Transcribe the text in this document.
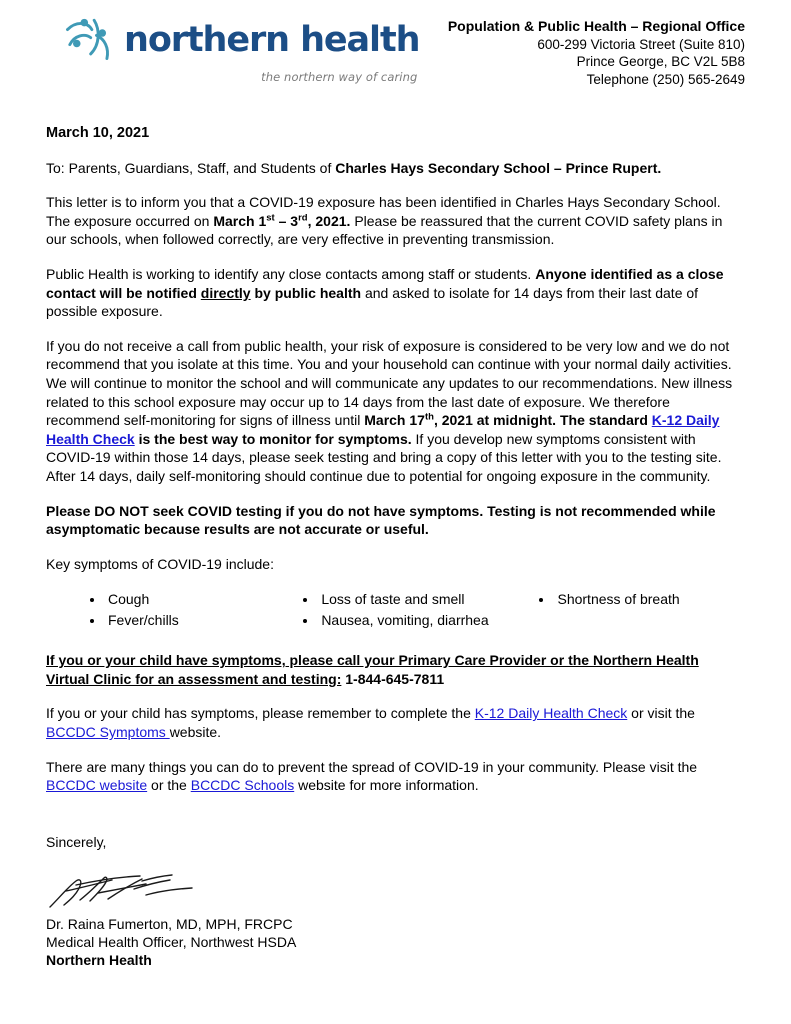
northern health
the northern way of caring
Population & Public Health – Regional Office
600-299 Victoria Street (Suite 810)
Prince George, BC V2L 5B8
Telephone (250) 565-2649

March 10, 2021

To: Parents, Guardians, Staff, and Students of Charles Hays Secondary School – Prince Rupert.

This letter is to inform you that a COVID-19 exposure has been identified in Charles Hays Secondary School. The exposure occurred on March 1st – 3rd, 2021. Please be reassured that the current COVID safety plans in our schools, when followed correctly, are very effective in preventing transmission.

Public Health is working to identify any close contacts among staff or students. Anyone identified as a close contact will be notified directly by public health and asked to isolate for 14 days from their last date of possible exposure.

If you do not receive a call from public health, your risk of exposure is considered to be very low and we do not recommend that you isolate at this time. You and your household can continue with your normal daily activities. We will continue to monitor the school and will communicate any updates to our recommendations. New illness related to this school exposure may occur up to 14 days from the last date of exposure. We therefore recommend self-monitoring for signs of illness until March 17th, 2021 at midnight. The standard K-12 Daily Health Check is the best way to monitor for symptoms. If you develop new symptoms consistent with COVID-19 within those 14 days, please seek testing and bring a copy of this letter with you to the testing site. After 14 days, daily self-monitoring should continue due to potential for ongoing exposure in the community.

Please DO NOT seek COVID testing if you do not have symptoms. Testing is not recommended while asymptomatic because results are not accurate or useful.

Key symptoms of COVID-19 include:

Cough
Fever/chills
Loss of taste and smell
Nausea, vomiting, diarrhea
Shortness of breath

If you or your child have symptoms, please call your Primary Care Provider or the Northern Health Virtual Clinic for an assessment and testing: 1-844-645-7811

If you or your child has symptoms, please remember to complete the K-12 Daily Health Check or visit the BCCDC Symptoms website.

There are many things you can do to prevent the spread of COVID-19 in your community. Please visit the BCCDC website or the BCCDC Schools website for more information.

Sincerely,

Dr. Raina Fumerton, MD, MPH, FRCPC
Medical Health Officer, Northwest HSDA
Northern Health
